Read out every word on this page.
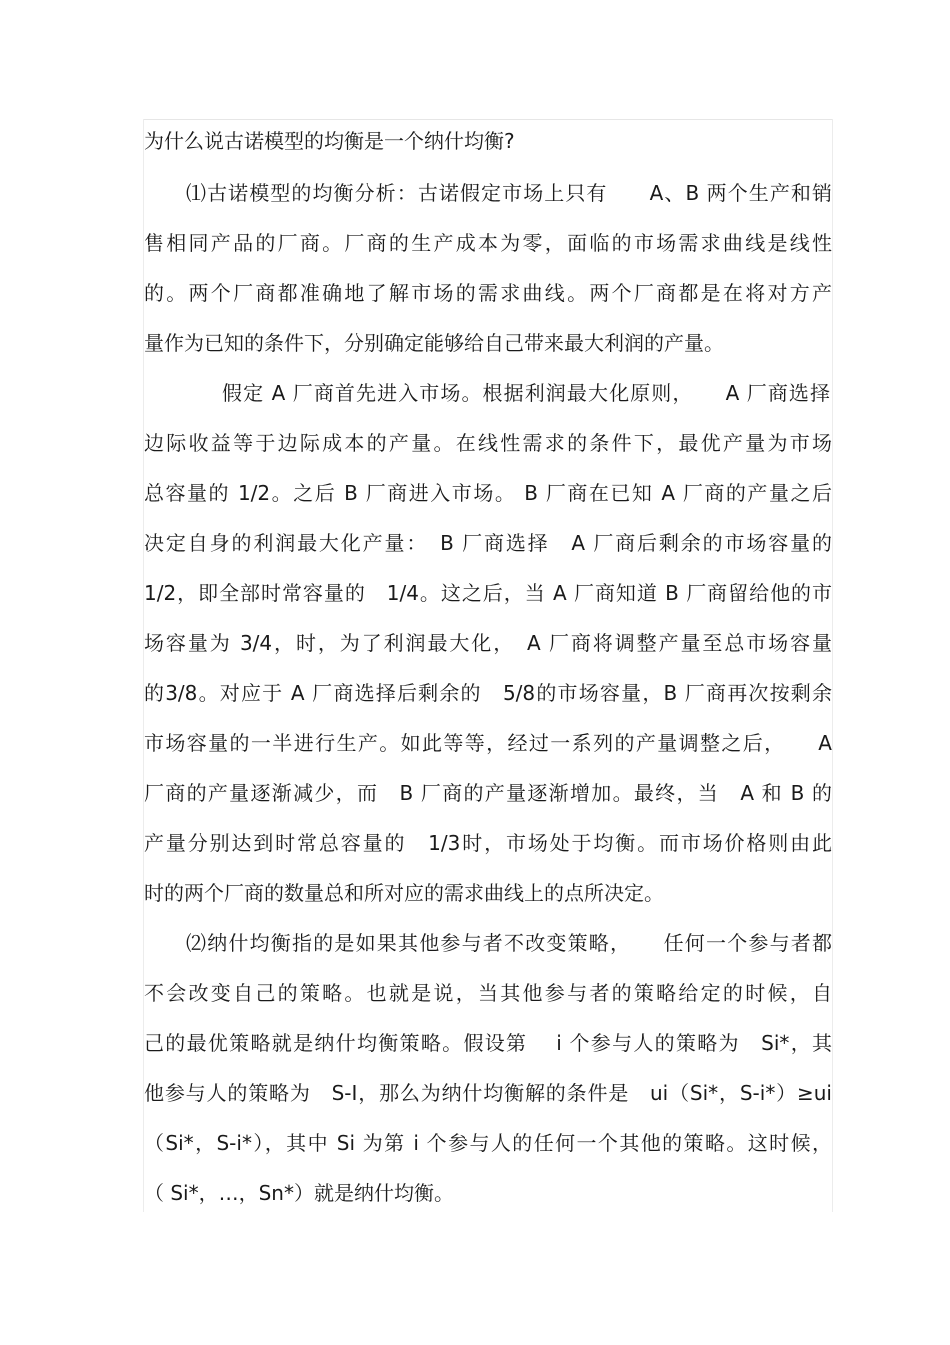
为什么说古诺模型的均衡是一个纳什均衡?
⑴古诺模型的均衡分析：古诺假定市场上只有　　A、B 两个生产和销
售相同产品的厂商。厂商的生产成本为零，面临的市场需求曲线是线性
的。两个厂商都准确地了解市场的需求曲线。两个厂商都是在将对方产
量作为已知的条件下，分别确定能够给自己带来最大利润的产量。
假定 A 厂商首先进入市场。根据利润最大化原则，　　A 厂商选择
边际收益等于边际成本的产量。在线性需求的条件下，最优产量为市场
总容量的 1/2。之后 B 厂商进入市场。 B 厂商在已知 A 厂商的产量之后
决定自身的利润最大化产量：　B 厂商选择　A 厂商后剩余的市场容量的
1/2，即全部时常容量的　1/4。这之后，当 A 厂商知道 B 厂商留给他的市
场容量为 3/4，时，为了利润最大化，　A 厂商将调整产量至总市场容量
的3/8。对应于 A 厂商选择后剩余的　5/8的市场容量，B 厂商再次按剩余
市场容量的一半进行生产。如此等等，经过一系列的产量调整之后，　　A
厂商的产量逐渐减少，而　B 厂商的产量逐渐增加。最终，当　A 和 B 的
产量分别达到时常总容量的　1/3时，市场处于均衡。而市场价格则由此
时的两个厂商的数量总和所对应的需求曲线上的点所决定。
⑵纳什均衡指的是如果其他参与者不改变策略，　　任何一个参与者都
不会改变自己的策略。也就是说，当其他参与者的策略给定的时候，自
己的最优策略就是纳什均衡策略。假设第　 i 个参与人的策略为　Si*，其
他参与人的策略为　S-I，那么为纳什均衡解的条件是　ui（Si*，S-i*）≥ui
（Si*，S-i*），其中 Si 为第 i 个参与人的任何一个其他的策略。这时候，
（ Si*，…，Sn*）就是纳什均衡。
